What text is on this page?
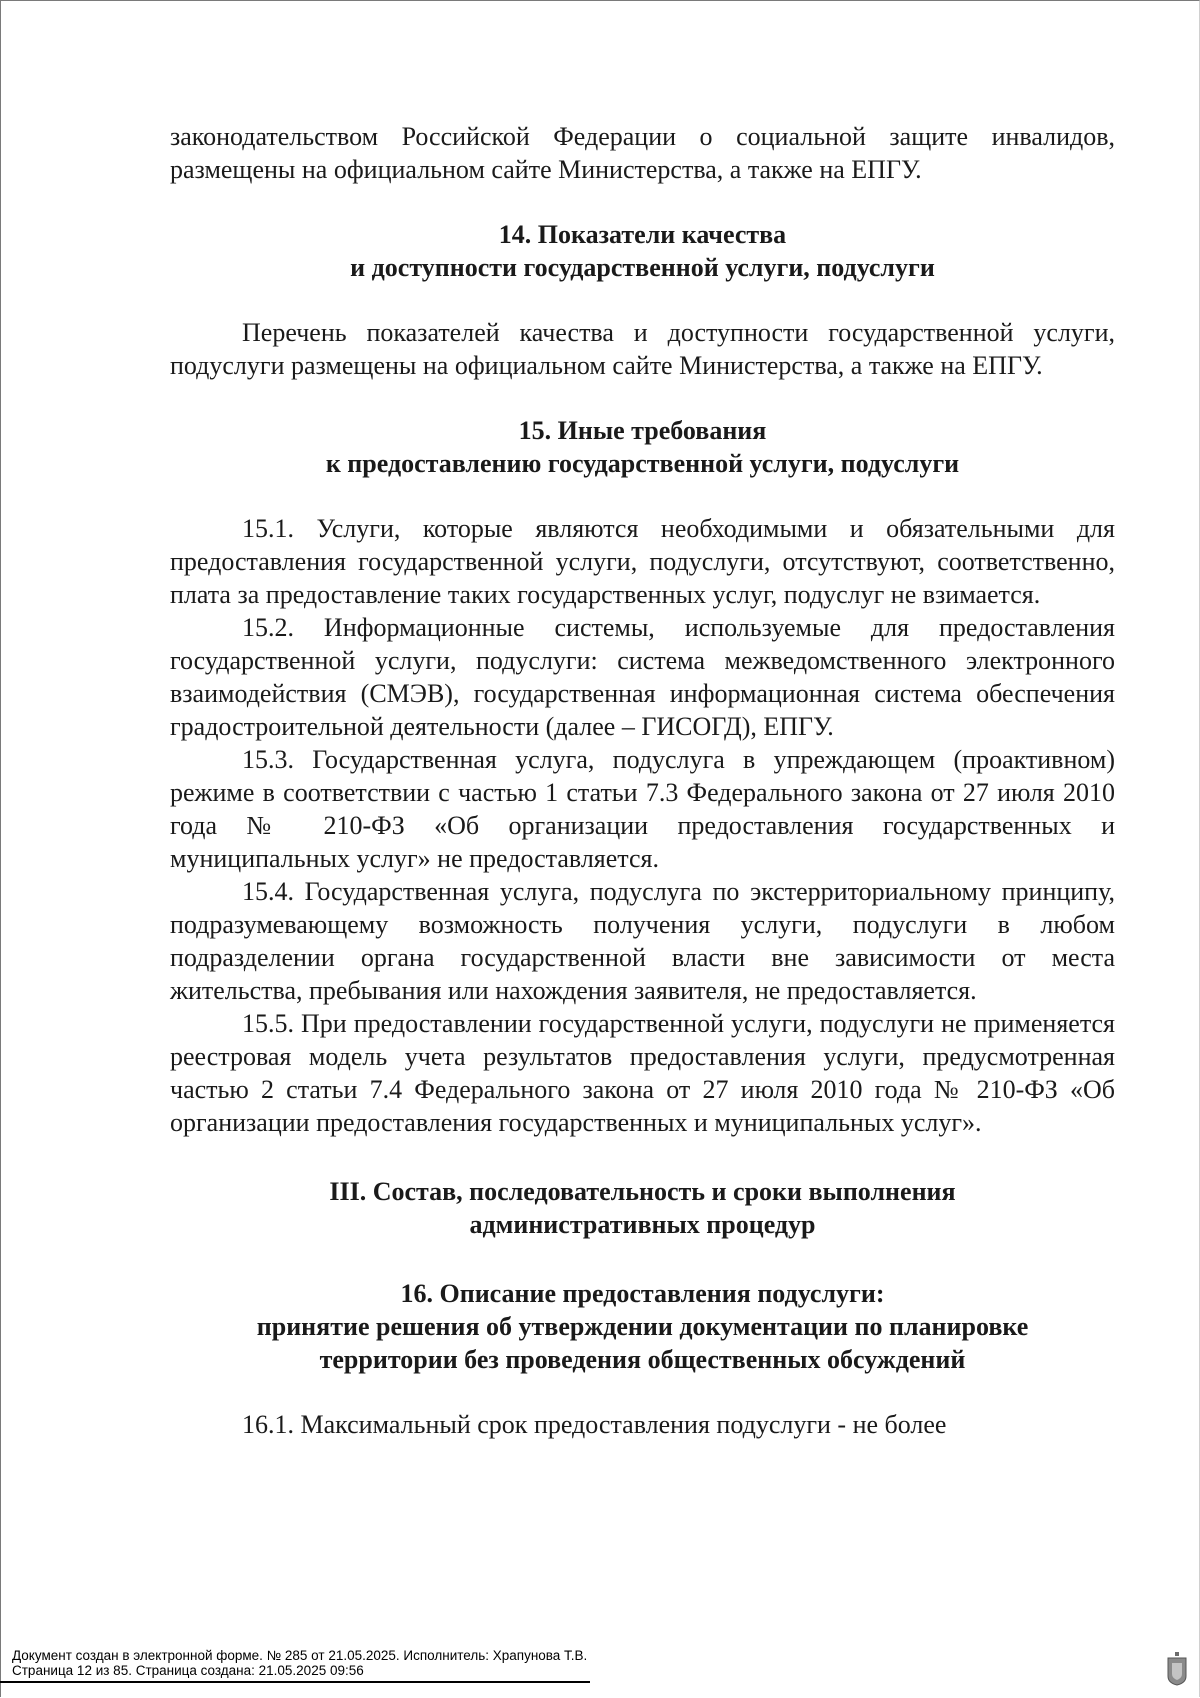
законодательством Российской Федерации о социальной защите инвалидов, размещены на официальном сайте Министерства, а также на ЕПГУ.

14. Показатели качества

и доступности государственной услуги, подуслуги

Перечень показателей качества и доступности государственной услуги, подуслуги размещены на официальном сайте Министерства, а также на ЕПГУ.

15. Иные требования

к предоставлению государственной услуги, подуслуги

15.1. Услуги, которые являются необходимыми и обязательными для предоставления государственной услуги, подуслуги, отсутствуют, соответственно, плата за предоставление таких государственных услуг, подуслуг не взимается.

15.2. Информационные системы, используемые для предоставления государственной услуги, подуслуги: система межведомственного электронного взаимодействия (СМЭВ), государственная информационная система обеспечения градостроительной деятельности (далее – ГИСОГД), ЕПГУ.

15.3. Государственная услуга, подуслуга в упреждающем (проактивном) режиме в соответствии с частью 1 статьи 7.3 Федерального закона от 27 июля 2010 года № 210-ФЗ «Об организации предоставления государственных и муниципальных услуг» не предоставляется.

15.4. Государственная услуга, подуслуга по экстерриториальному принципу, подразумевающему возможность получения услуги, подуслуги в любом подразделении органа государственной власти вне зависимости от места жительства, пребывания или нахождения заявителя, не предоставляется.

15.5. При предоставлении государственной услуги, подуслуги не применяется реестровая модель учета результатов предоставления услуги, предусмотренная частью 2 статьи 7.4 Федерального закона от 27 июля 2010 года № 210-ФЗ «Об организации предоставления государственных и муниципальных услуг».

III. Состав, последовательность и сроки выполнения

административных процедур

16. Описание предоставления подуслуги:

принятие решения об утверждении документации по планировке

территории без проведения общественных обсуждений

16.1. Максимальный срок предоставления подуслуги - не более

Документ создан в электронной форме. № 285 от 21.05.2025. Исполнитель: Храпунова Т.В.
Страница 12 из 85. Страница создана: 21.05.2025 09:56
